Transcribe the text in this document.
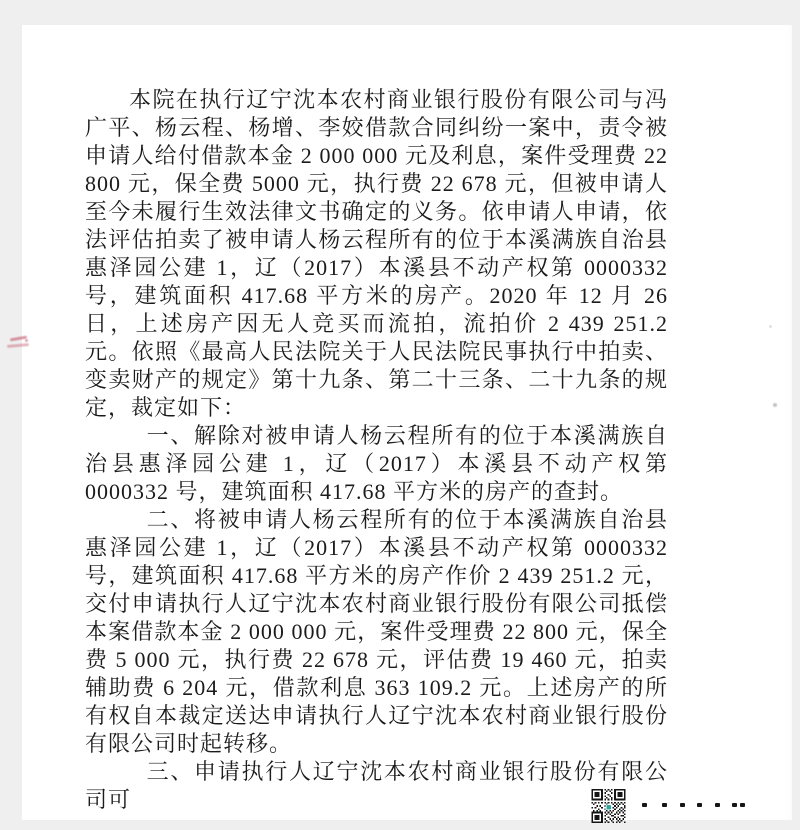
本院在执行辽宁沈本农村商业银行股份有限公司与冯广平、杨云程、杨增、李姣借款合同纠纷一案中，责令被申请人给付借款本金 2 000 000 元及利息，案件受理费 22 800 元，保全费 5000 元，执行费 22 678 元，但被申请人至今未履行生效法律文书确定的义务。依申请人申请，依法评估拍卖了被申请人杨云程所有的位于本溪满族自治县惠泽园公建 1，辽（2017）本溪县不动产权第 0000332 号，建筑面积 417.68 平方米的房产。2020 年 12 月 26 日，上述房产因无人竞买而流拍，流拍价 2 439 251.2 元。依照《最高人民法院关于人民法院民事执行中拍卖、变卖财产的规定》第十九条、第二十三条、二十九条的规定，裁定如下：

一、解除对被申请人杨云程所有的位于本溪满族自治县惠泽园公建 1，辽（2017）本溪县不动产权第 0000332 号，建筑面积 417.68 平方米的房产的查封。

二、将被申请人杨云程所有的位于本溪满族自治县惠泽园公建 1，辽（2017）本溪县不动产权第 0000332 号，建筑面积 417.68 平方米的房产作价 2 439 251.2 元，交付申请执行人辽宁沈本农村商业银行股份有限公司抵偿本案借款本金 2 000 000 元，案件受理费 22 800 元，保全费 5 000 元，执行费 22 678 元，评估费 19 460 元，拍卖辅助费 6 204 元，借款利息 363 109.2 元。上述房产的所有权自本裁定送达申请执行人辽宁沈本农村商业银行股份有限公司时起转移。

三、申请执行人辽宁沈本农村商业银行股份有限公司可
